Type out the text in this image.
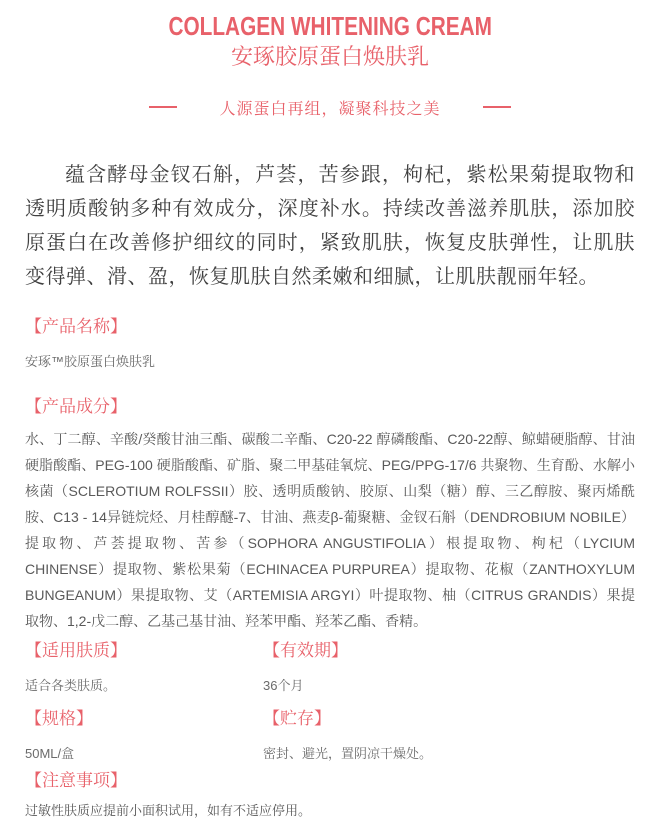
COLLAGEN WHITENING CREAM
安琢胶原蛋白焕肤乳
人源蛋白再组，凝聚科技之美

蕴含酵母金钗石斛，芦荟，苦参跟，枸杞，紫松果菊提取物和透明质酸钠多种有效成分，深度补水。持续改善滋养肌肤，添加胶原蛋白在改善修护细纹的同时，紧致肌肤，恢复皮肤弹性，让肌肤变得弹、滑、盈，恢复肌肤自然柔嫩和细腻，让肌肤靓丽年轻。

【产品名称】

安琢™胶原蛋白焕肤乳

【产品成分】

水、丁二醇、辛酸/癸酸甘油三酯、碳酸二辛酯、C20-22 醇磷酸酯、C20-22醇、鲸蜡硬脂醇、甘油硬脂酸酯、PEG-100 硬脂酸酯、矿脂、聚二甲基硅氧烷、PEG/PPG-17/6 共聚物、生育酚、水解小核菌（SCLEROTIUM ROLFSSII）胶、透明质酸钠、胶原、山梨（糖）醇、三乙醇胺、聚丙烯酰胺、C13 - 14异链烷烃、月桂醇醚-7、甘油、燕麦β-葡聚糖、金钗石斛（DENDROBIUM NOBILE）提取物、芦荟提取物、苦参（SOPHORA ANGUSTIFOLIA）根提取物、枸杞（LYCIUM CHINENSE）提取物、紫松果菊（ECHINACEA PURPUREA）提取物、花椒（ZANTHOXYLUM BUNGEANUM）果提取物、艾（ARTEMISIA ARGYI）叶提取物、柚（CITRUS GRANDIS）果提取物、1,2-戊二醇、乙基己基甘油、羟苯甲酯、羟苯乙酯、香精。

【适用肤质】

适合各类肤质。

【有效期】

36个月

【规格】

50ML/盒

【贮存】

密封、避光，置阴凉干燥处。

【注意事项】

过敏性肤质应提前小面积试用，如有不适应停用。
